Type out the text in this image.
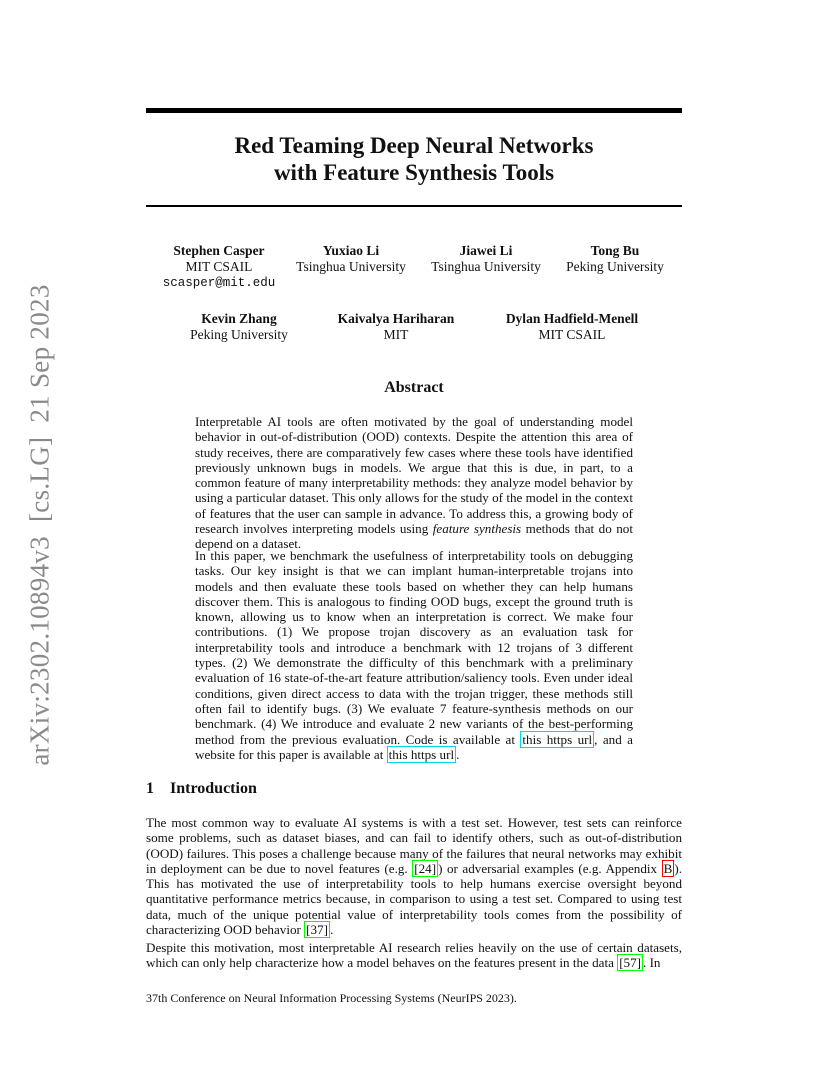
arXiv:2302.10894v3[cs.LG]21 Sep 2023
Red Teaming Deep Neural Networks
with Feature Synthesis Tools
Stephen Casper
MIT CSAIL
scasper@mit.edu
Yuxiao Li
Tsinghua University
Jiawei Li
Tsinghua University
Tong Bu
Peking University
Kevin Zhang
Peking University
Kaivalya Hariharan
MIT
Dylan Hadfield-Menell
MIT CSAIL
Abstract

Interpretable AI tools are often motivated by the goal of understanding model behavior in out-of-distribution (OOD) contexts. Despite the attention this area of study receives, there are comparatively few cases where these tools have identified previously unknown bugs in models. We argue that this is due, in part, to a common feature of many interpretability methods: they analyze model behavior by using a particular dataset. This only allows for the study of the model in the context of features that the user can sample in advance. To address this, a growing body of research involves interpreting models using feature synthesis methods that do not depend on a dataset.

In this paper, we benchmark the usefulness of interpretability tools on debugging tasks. Our key insight is that we can implant human-interpretable trojans into models and then evaluate these tools based on whether they can help humans discover them. This is analogous to finding OOD bugs, except the ground truth is known, allowing us to know when an interpretation is correct. We make four contributions. (1) We propose trojan discovery as an evaluation task for interpretability tools and introduce a benchmark with 12 trojans of 3 different types. (2) We demonstrate the difficulty of this benchmark with a preliminary evaluation of 16 state-of-the-art feature attribution/saliency tools. Even under ideal conditions, given direct access to data with the trojan trigger, these methods still often fail to identify bugs. (3) We evaluate 7 feature-synthesis methods on our benchmark. (4) We introduce and evaluate 2 new variants of the best-performing method from the previous evaluation. Code is available at this https url , and a website for this paper is available at this https url .

1 Introduction

The most common way to evaluate AI systems is with a test set. However, test sets can reinforce some problems, such as dataset biases, and can fail to identify others, such as out-of-distribution (OOD) failures. This poses a challenge because many of the failures that neural networks may exhibit in deployment can be due to novel features (e.g. [24] ) or adversarial examples (e.g. Appendix B ). This has motivated the use of interpretability tools to help humans exercise oversight beyond quantitative performance metrics because, in comparison to using a test set. Compared to using test data, much of the unique potential value of interpretability tools comes from the possibility of characterizing OOD behavior [37] .

Despite this motivation, most interpretable AI research relies heavily on the use of certain datasets, which can only help characterize how a model behaves on the features present in the data [57] . In

37th Conference on Neural Information Processing Systems (NeurIPS 2023).
